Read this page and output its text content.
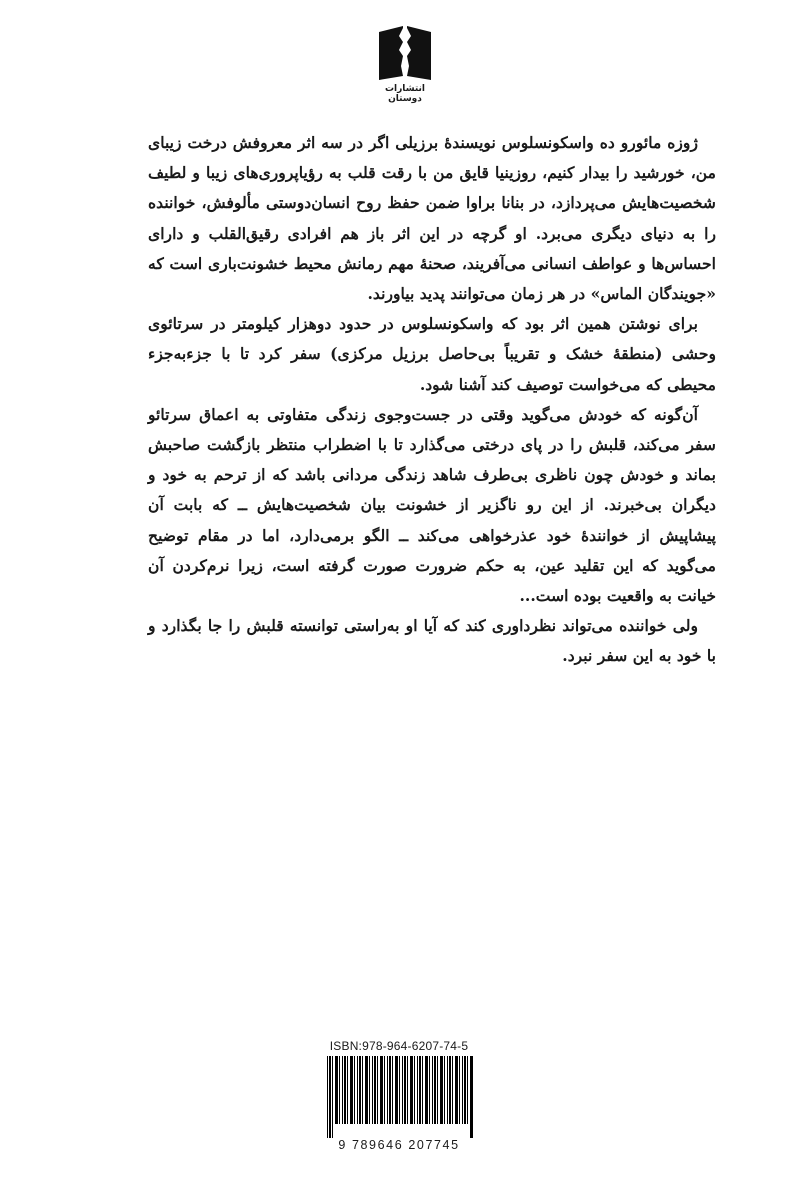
انتشارات دوستان

ژوزه مائورو ده واسکونسلوس نویسندهٔ برزیلی اگر در سه اثر معروفش درخت زیبای من، خورشید را بیدار کنیم، روزینیا قایق من با رقت قلب به رؤیاپروری‌های زیبا و لطیف شخصیت‌هایش می‌پردازد، در بنانا براوا ضمن حفظ روح انسان‌دوستی مألوفش، خواننده را به دنیای دیگری می‌برد. او گرچه در این اثر باز هم افرادی رقیق‌القلب و دارای احساس‌ها و عواطف انسانی می‌آفریند، صحنهٔ مهم رمانش محیط خشونت‌باری است که «جویندگان الماس» در هر زمان می‌توانند پدید بیاورند.

برای نوشتن همین اثر بود که واسکونسلوس در حدود دوهزار کیلومتر در سرتائوی وحشی (منطقهٔ خشک و تقریباً بی‌حاصل برزیل مرکزی) سفر کرد تا با جزءبه‌جزء محیطی که می‌خواست توصیف کند آشنا شود.

آن‌گونه که خودش می‌گوید وقتی در جست‌وجوی زندگی متفاوتی به اعماق سرتائو سفر می‌کند، قلبش را در پای درختی می‌گذارد تا با اضطراب منتظر بازگشت صاحبش بماند و خودش چون ناظری بی‌طرف شاهد زندگی مردانی باشد که از ترحم به خود و دیگران بی‌خبرند. از این رو ناگزیر از خشونت بیان شخصیت‌هایش ــ که بابت آن پیشاپیش از خوانندهٔ خود عذرخواهی می‌کند ــ الگو برمی‌دارد، اما در مقام توضیح می‌گوید که این تقلید عین، به حکم ضرورت صورت گرفته است، زیرا نرم‌کردن آن خیانت به واقعیت بوده است...

ولی خواننده می‌تواند نظرداوری کند که آیا او به‌راستی توانسته قلبش را جا بگذارد و با خود به این سفر نبرد.

ISBN:978-964-6207-74-5
9 789646 207745
